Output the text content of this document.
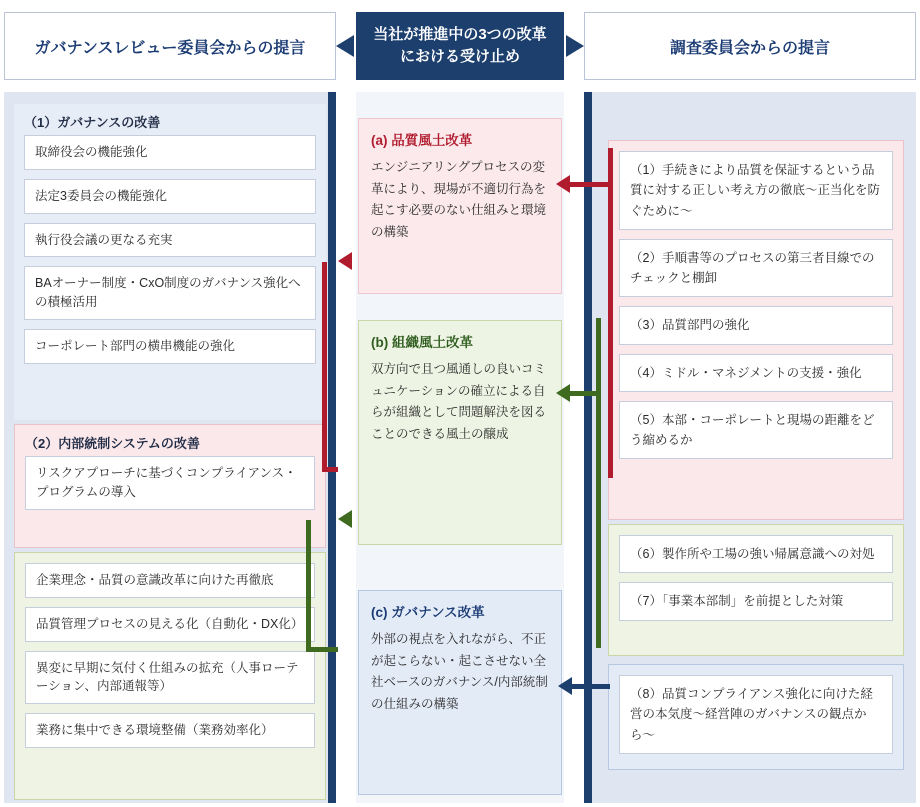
ガバナンスレビュー委員会からの提言
当社が推進中の3つの改革における受け止め	調査委員会からの提言
（1）ガバナンスの改善
取締役会の機能強化
法定3委員会の機能強化
執行役会議の更なる充実
BAオーナー制度・CxO制度のガバナンス強化への積極活用
コーポレート部門の横串機能の強化
（2）内部統制システムの改善
リスクアプローチに基づくコンプライアンス・プログラムの導入
企業理念・品質の意識改革に向けた再徹底
品質管理プロセスの見える化（自動化・DX化）
異変に早期に気付く仕組みの拡充（人事ローテーション、内部通報等）
業務に集中できる環境整備（業務効率化）
(a) 品質風土改革
エンジニアリングプロセスの変革により、現場が不適切行為を起こす必要のない仕組みと環境の構築
(b) 組織風土改革
双方向で且つ風通しの良いコミュニケーションの確立による自らが組織として問題解決を図ることのできる風土の醸成
(c) ガバナンス改革
外部の視点を入れながら、不正が起こらない・起こさせない全社ベースのガバナンス/内部統制の仕組みの構築
（1）手続きにより品質を保証するという品質に対する正しい考え方の徹底〜正当化を防ぐために〜
（2）手順書等のプロセスの第三者目線でのチェックと棚卸
（3）品質部門の強化
（4）ミドル・マネジメントの支援・強化
（5）本部・コーポレートと現場の距離をどう縮めるか
（6）製作所や工場の強い帰属意識への対処
（7）「事業本部制」を前提とした対策
（8）品質コンプライアンス強化に向けた経営の本気度〜経営陣のガバナンスの観点から〜
